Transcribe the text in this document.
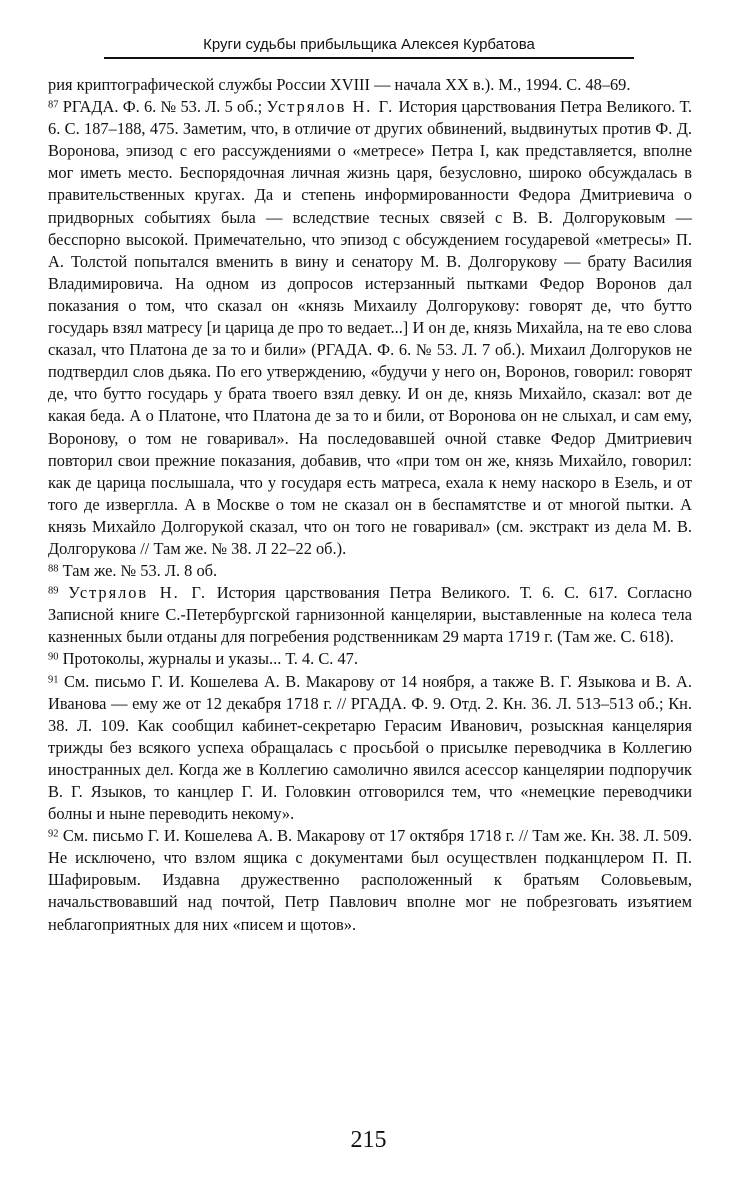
Круги судьбы прибыльщика Алексея Курбатова

рия криптографической службы России XVIII — начала XX в.). М., 1994. С. 48–69.

$^{87}$ РГАДА. Ф. 6. № 53. Л. 5 об.; Устрялов Н. Г. История царствования Петра Великого. Т. 6. С. 187–188, 475. Заметим, что, в отличие от других обвинений, выдвинутых против Ф. Д. Воронова, эпизод с его рассуждениями о «метресе» Петра I, как представляется, вполне мог иметь место. Беспорядочная личная жизнь царя, безусловно, широко обсуждалась в правительственных кругах. Да и степень информированности Федора Дмитриевича о придворных событиях была — вследствие тесных связей с В. В. Долгоруковым — бесспорно высокой. Примечательно, что эпизод с обсуждением государевой «метресы» П. А. Толстой попытался вменить в вину и сенатору М. В. Долгорукову — брату Василия Владимировича. На одном из допросов истерзанный пытками Федор Воронов дал показания о том, что сказал он «князь Михаилу Долгорукову: говорят де, что бутто государь взял матресу [и царица де про то ведает...] И он де, князь Михайла, на те ево слова сказал, что Платона де за то и били» (РГАДА. Ф. 6. № 53. Л. 7 об.). Михаил Долгоруков не подтвердил слов дьяка. По его утверждению, «будучи у него он, Воронов, говорил: говорят де, что бутто государь у брата твоего взял девку. И он де, князь Михайло, сказал: вот де какая беда. А о Платоне, что Платона де за то и били, от Воронова он не слыхал, и сам ему, Воронову, о том не говаривал». На последовавшей очной ставке Федор Дмитриевич повторил свои прежние показания, добавив, что «при том он же, князь Михайло, говорил: как де царица послышала, что у государя есть матреса, ехала к нему наскоро в Езель, и от того де изверглла. А в Москве о том не сказал он в беспамятстве и от многой пытки. А князь Михайло Долгорукой сказал, что он того не говаривал» (см. экстракт из дела М. В. Долгорукова // Там же. № 38. Л 22–22 об.).

$^{88}$ Там же. № 53. Л. 8 об.

$^{89}$ Устрялов Н. Г. История царствования Петра Великого. Т. 6. С. 617. Согласно Записной книге С.-Петербургской гарнизонной канцелярии, выставленные на колеса тела казненных были отданы для погребения родственникам 29 марта 1719 г. (Там же. С. 618).

$^{90}$ Протоколы, журналы и указы... Т. 4. С. 47.

$^{91}$ См. письмо Г. И. Кошелева А. В. Макарову от 14 ноября, а также В. Г. Языкова и В. А. Иванова — ему же от 12 декабря 1718 г. // РГАДА. Ф. 9. Отд. 2. Кн. 36. Л. 513–513 об.; Кн. 38. Л. 109. Как сообщил кабинет-секретарю Герасим Иванович, розыскная канцелярия трижды без всякого успеха обращалась с просьбой о присылке переводчика в Коллегию иностранных дел. Когда же в Коллегию самолично явился асессор канцелярии подпоручик В. Г. Языков, то канцлер Г. И. Головкин отговорился тем, что «немецкие переводчики болны и ныне переводить некому».

$^{92}$ См. письмо Г. И. Кошелева А. В. Макарову от 17 октября 1718 г. // Там же. Кн. 38. Л. 509. Не исключено, что взлом ящика с документами был осуществлен подканцлером П. П. Шафировым. Издавна дружественно расположенный к братьям Соловьевым, начальствовавший над почтой, Петр Павлович вполне мог не побрезговать изъятием неблагоприятных для них «писем и щотов».

215
